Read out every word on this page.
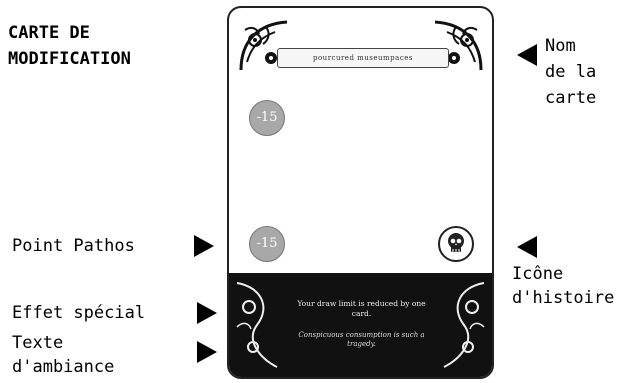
CARTE DE
MODIFICATION
Nom
de la
carte
Point Pathos
Icône
d'histoire
Effet spécial
Texte
d'ambiance
pourcured museumpaces
-15
-15
Your draw limit is reduced by one card.
Conspicuous consumption is such a tragedy.
